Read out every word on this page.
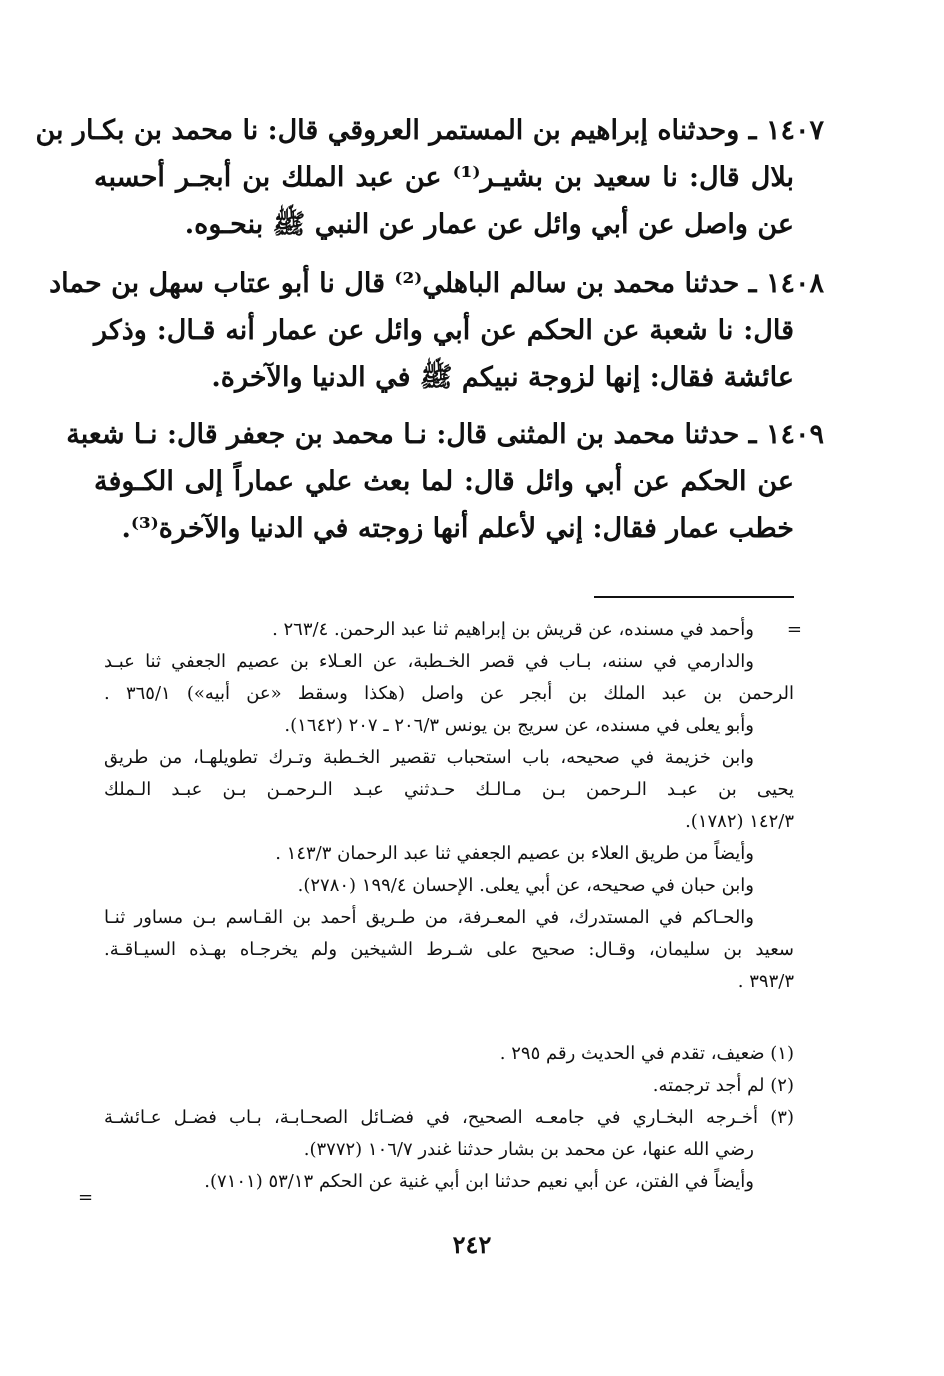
١٤٠٧ ـ وحدثناه إبراهيم بن المستمر العروقي قال: نا محمد بن بكـار بن
بلال قال: نا سعيد بن بشيـر⁽¹⁾ عن عبد الملك بن أبجـر أحسبه
عن واصل عن أبي وائل عن عمار عن النبي ﷺ بنحـوه.
١٤٠٨ ـ حدثنا محمد بن سالم الباهلي⁽²⁾ قال نا أبو عتاب سهل بن حماد
قال: نا شعبة عن الحكم عن أبي وائل عن عمار أنه قـال: وذكر
عائشة فقال: إنها لزوجة نبيكم ﷺ في الدنيا والآخرة.
١٤٠٩ ـ حدثنا محمد بن المثنى قال: نـا محمد بن جعفر قال: نـا شعبة
عن الحكم عن أبي وائل قال: لما بعث علي عماراً إلى الكـوفة
خطب عمار فقال: إني لأعلم أنها زوجته في الدنيا والآخرة⁽³⁾.
=
وأحمد في مسنده، عن قريش بن إبراهيم ثنا عبد الرحمن. ٢٦٣/٤ .
والدارمي في سننه، بـاب في قصر الخـطبة، عن العـلاء بن عصيم الجعفي ثنا عبـد
الرحمن بن عبد الملك بن أبجر عن واصل (هكذا وسقط «عن أبيه») ٣٦٥/١ .
وأبو يعلى في مسنده، عن سريج بن يونس ٢٠٦/٣ ـ ٢٠٧ (١٦٤٢).
وابن خزيمة في صحيحه، باب استحباب تقصير الخـطبة وتـرك تطويلهـا، من طريق
يحيى بن عبـد الـرحمن بـن مـالـك حـدثني عبـد الـرحمـن بـن عبـد الـملك
١٤٢/٣ (١٧٨٢).
وأيضاً من طريق العلاء بن عصيم الجعفي ثنا عبد الرحمان ١٤٣/٣ .
وابن حبان في صحيحه، عن أبي يعلى. الإحسان ١٩٩/٤ (٢٧٨٠).
والحـاكم في المستدرك، في المعـرفة، من طـريق أحمد بن القـاسم بـن مساور ثنـا
سعيد بن سليمان، وقـال: صحيح على شـرط الشيخين ولم يخرجـاه بهـذه السيـاقـة.
٣٩٣/٣ .
(١) ضعيف، تقدم في الحديث رقم ٢٩٥ .
(٢) لم أجد ترجمته.
(٣) أخـرجه البخـاري في جامعـه الصحيح، في فضـائل الصحـابـة، بـاب فضـل عـائشـة
رضي الله عنها، عن محمد بن بشار حدثنا غندر ١٠٦/٧ (٣٧٧٢).
وأيضاً في الفتن، عن أبي نعيم حدثنا ابن أبي غنية عن الحكم ٥٣/١٣ (٧١٠١).
=
٢٤٢
